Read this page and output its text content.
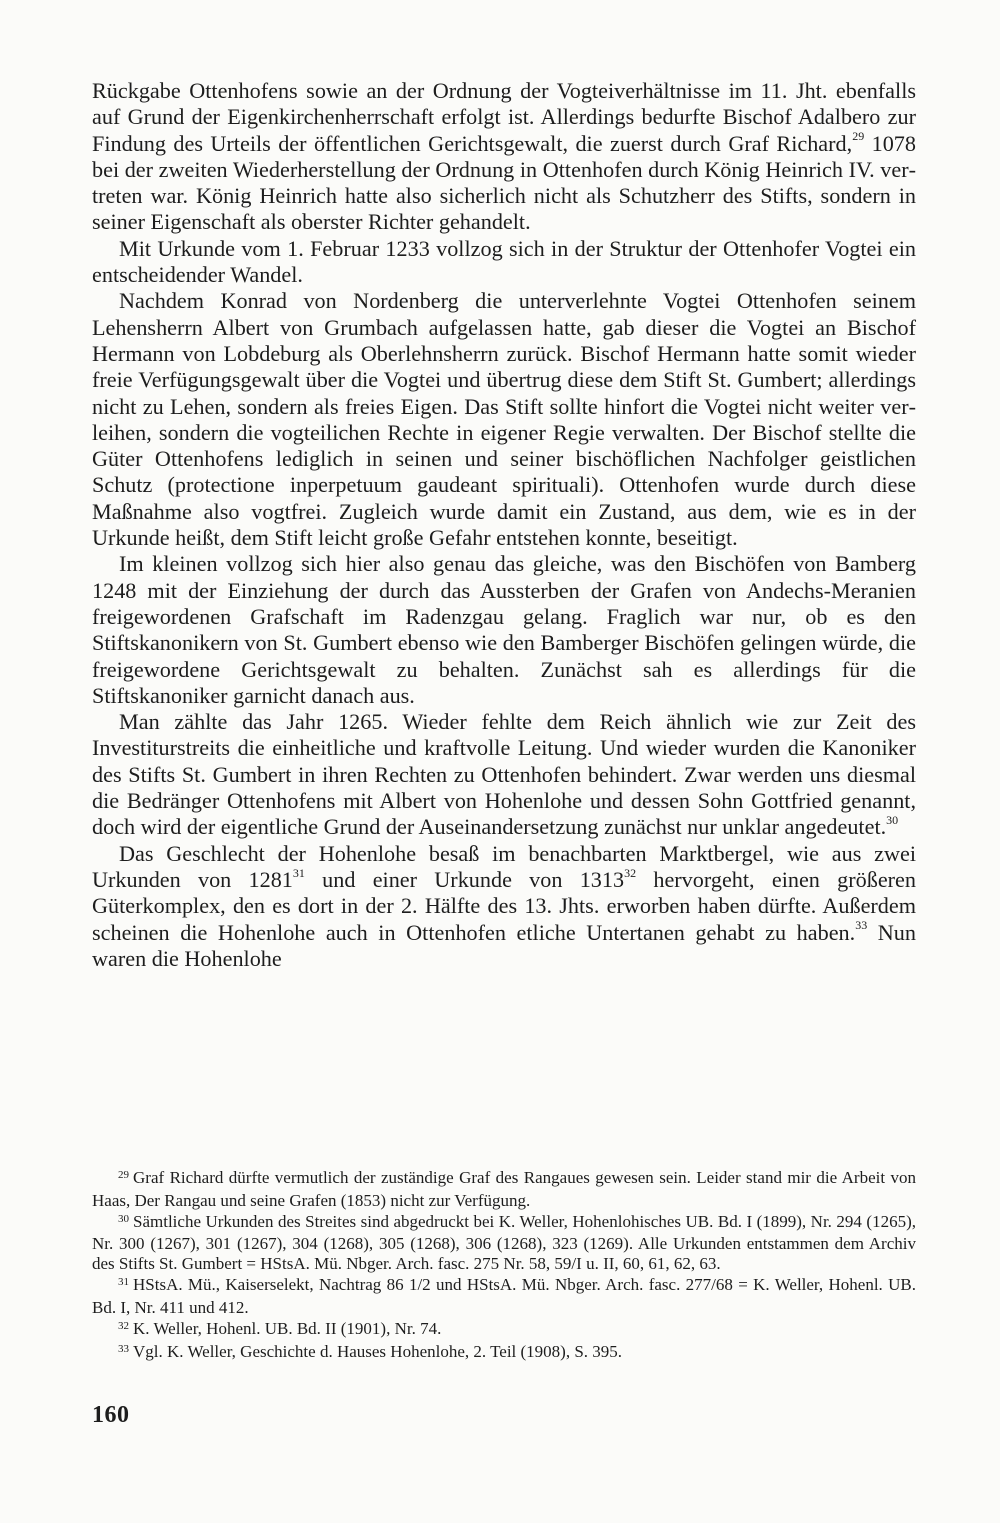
Rückgabe Ottenhofens sowie an der Ordnung der Vogteiverhältnisse im 11. Jht. ebenfalls auf Grund der Eigenkirchenherrschaft erfolgt ist. Allerdings bedurfte Bischof Adalbero zur Findung des Urteils der öffentlichen Gerichtsgewalt, die zuerst durch Graf Richard,$^{29}$ 1078 bei der zweiten Wiederherstellung der Ordnung in Ottenhofen durch König Heinrich IV. vertreten war. König Heinrich hatte also sicherlich nicht als Schutzherr des Stifts, sondern in seiner Eigenschaft als oberster Richter gehandelt.

Mit Urkunde vom 1. Februar 1233 vollzog sich in der Struktur der Ottenhofer Vogtei ein entscheidender Wandel.

Nachdem Konrad von Nordenberg die unterverlehnte Vogtei Ottenhofen seinem Lehensherrn Albert von Grumbach aufgelassen hatte, gab dieser die Vogtei an Bischof Hermann von Lobdeburg als Oberlehnsherrn zurück. Bischof Hermann hatte somit wieder freie Verfügungsgewalt über die Vogtei und übertrug diese dem Stift St. Gumbert; allerdings nicht zu Lehen, sondern als freies Eigen. Das Stift sollte hinfort die Vogtei nicht weiter verleihen, sondern die vogteilichen Rechte in eigener Regie verwalten. Der Bischof stellte die Güter Ottenhofens lediglich in seinen und seiner bischöflichen Nachfolger geistlichen Schutz (protectione inperpetuum gaudeant spirituali). Ottenhofen wurde durch diese Maßnahme also vogtfrei. Zugleich wurde damit ein Zustand, aus dem, wie es in der Urkunde heißt, dem Stift leicht große Gefahr entstehen konnte, beseitigt.

Im kleinen vollzog sich hier also genau das gleiche, was den Bischöfen von Bamberg 1248 mit der Einziehung der durch das Aussterben der Grafen von Andechs-Meranien freigewordenen Grafschaft im Radenzgau gelang. Fraglich war nur, ob es den Stiftskanonikern von St. Gumbert ebenso wie den Bamberger Bischöfen gelingen würde, die freigewordene Gerichtsgewalt zu behalten. Zunächst sah es allerdings für die Stiftskanoniker garnicht danach aus.

Man zählte das Jahr 1265. Wieder fehlte dem Reich ähnlich wie zur Zeit des Investiturstreits die einheitliche und kraftvolle Leitung. Und wieder wurden die Kanoniker des Stifts St. Gumbert in ihren Rechten zu Ottenhofen behindert. Zwar werden uns diesmal die Bedränger Ottenhofens mit Albert von Hohenlohe und dessen Sohn Gottfried genannt, doch wird der eigentliche Grund der Auseinandersetzung zunächst nur unklar angedeutet.$^{30}$

Das Geschlecht der Hohenlohe besaß im benachbarten Marktbergel, wie aus zwei Urkunden von 1281$^{31}$ und einer Urkunde von 1313$^{32}$ hervorgeht, einen größeren Güterkomplex, den es dort in der 2. Hälfte des 13. Jhts. erworben haben dürfte. Außerdem scheinen die Hohenlohe auch in Ottenhofen etliche Untertanen gehabt zu haben.$^{33}$ Nun waren die Hohenlohe

$^{29}$ Graf Richard dürfte vermutlich der zuständige Graf des Rangaues gewesen sein. Leider stand mir die Arbeit von Haas, Der Rangau und seine Grafen (1853) nicht zur Verfügung.

$^{30}$ Sämtliche Urkunden des Streites sind abgedruckt bei K. Weller, Hohenlohisches UB. Bd. I (1899), Nr. 294 (1265), Nr. 300 (1267), 301 (1267), 304 (1268), 305 (1268), 306 (1268), 323 (1269). Alle Urkunden entstammen dem Archiv des Stifts St. Gumbert = HStsA. Mü. Nbger. Arch. fasc. 275 Nr. 58, 59/I u. II, 60, 61, 62, 63.

$^{31}$ HStsA. Mü., Kaiserselekt, Nachtrag 86 1/2 und HStsA. Mü. Nbger. Arch. fasc. 277/68 = K. Weller, Hohenl. UB. Bd. I, Nr. 411 und 412.

$^{32}$ K. Weller, Hohenl. UB. Bd. II (1901), Nr. 74.

$^{33}$ Vgl. K. Weller, Geschichte d. Hauses Hohenlohe, 2. Teil (1908), S. 395.

160
